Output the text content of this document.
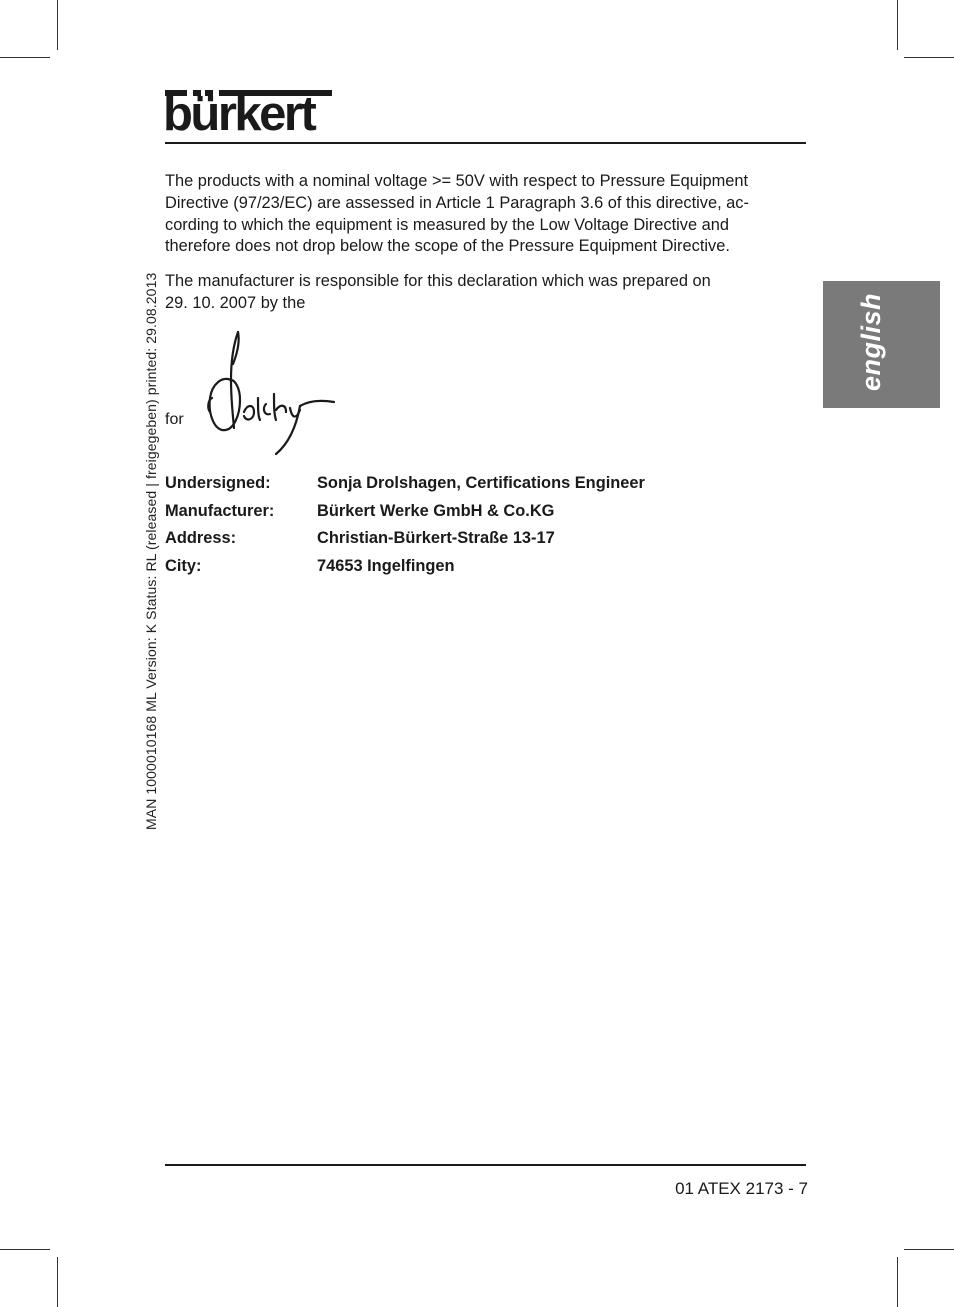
bürkert
MAN 1000010168 ML Version: K Status: RL (released | freigegeben) printed: 29.08.2013	english

The products with a nominal voltage >= 50V with respect to Pressure Equipment
Directive (97/23/EC) are assessed in Article 1 Paragraph 3.6 of this directive, ac-
cording to which the equipment is measured by the Low Voltage Directive and
therefore does not drop below the scope of the Pressure Equipment Directive.

The manufacturer is responsible for this declaration which was prepared on
29. 10. 2007 by the

for
Undersigned:	Sonja Drolshagen, Certifications Engineer
Manufacturer:	Bürkert Werke GmbH & Co.KG
Address:	Christian-Bürkert-Straße 13-17
City:	74653 Ingelfingen
01 ATEX 2173 - 7
